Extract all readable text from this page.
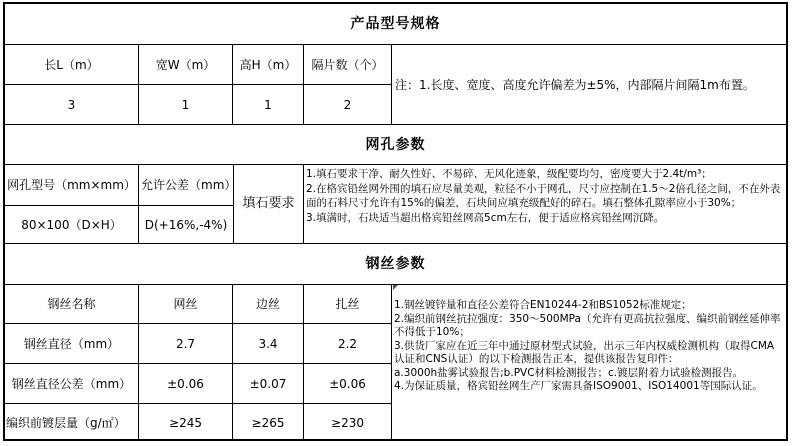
产品型号规格
长L（m）	宽W（m）	高H（m）	隔片数（个）
注：1.长度、宽度、高度允许偏差为±5%，内部隔片间隔1m布置。
3	1	1	2
网孔参数
网孔型号（mm×mm） 允许公差（mm）
填石要求
1.填石要求干净、耐久性好、不易碎、无风化迹象，级配要均匀，密度要大于2.4t/m³；
2.在格宾铅丝网外围的填石应尽量美观，粒径不小于网孔，尺寸应控制在1.5～2倍孔径之间，不在外表面的石料尺寸允许有15%的偏差，石块间应填充级配好的碎石。填石整体孔隙率应小于30%；
3.填满时，石块适当超出格宾铅丝网高5cm左右，便于适应格宾铅丝网沉降。
80×100（D×H）	D(+16%,-4%)
钢丝参数
钢丝名称	网丝	边丝	扎丝	1.钢丝镀锌量和直径公差符合EN10244-2和BS1052标准规定；
2.编织前钢丝抗拉强度：350～500MPa（允许有更高抗拉强度、编织前钢丝延伸率不得低于10%；
3.供货厂家应在近三年中通过原材型式试验，出示三年内权威检测机构（取得CMA认证和CNS认证）的以下检测报告正本，提供该报告复印件：
a.3000h盐雾试验报告;b.PVC材料检测报告；c.镀层附着力试验检测报告。
4.为保证质量，格宾铅丝网生产厂家需具备ISO9001、ISO14001等国际认证。
钢丝直径（mm）	2.7	3.4	2.2
钢丝直径公差（mm）	±0.06	±0.07	±0.06
编织前镀层量（g/㎡）	≥245	≥265	≥230
